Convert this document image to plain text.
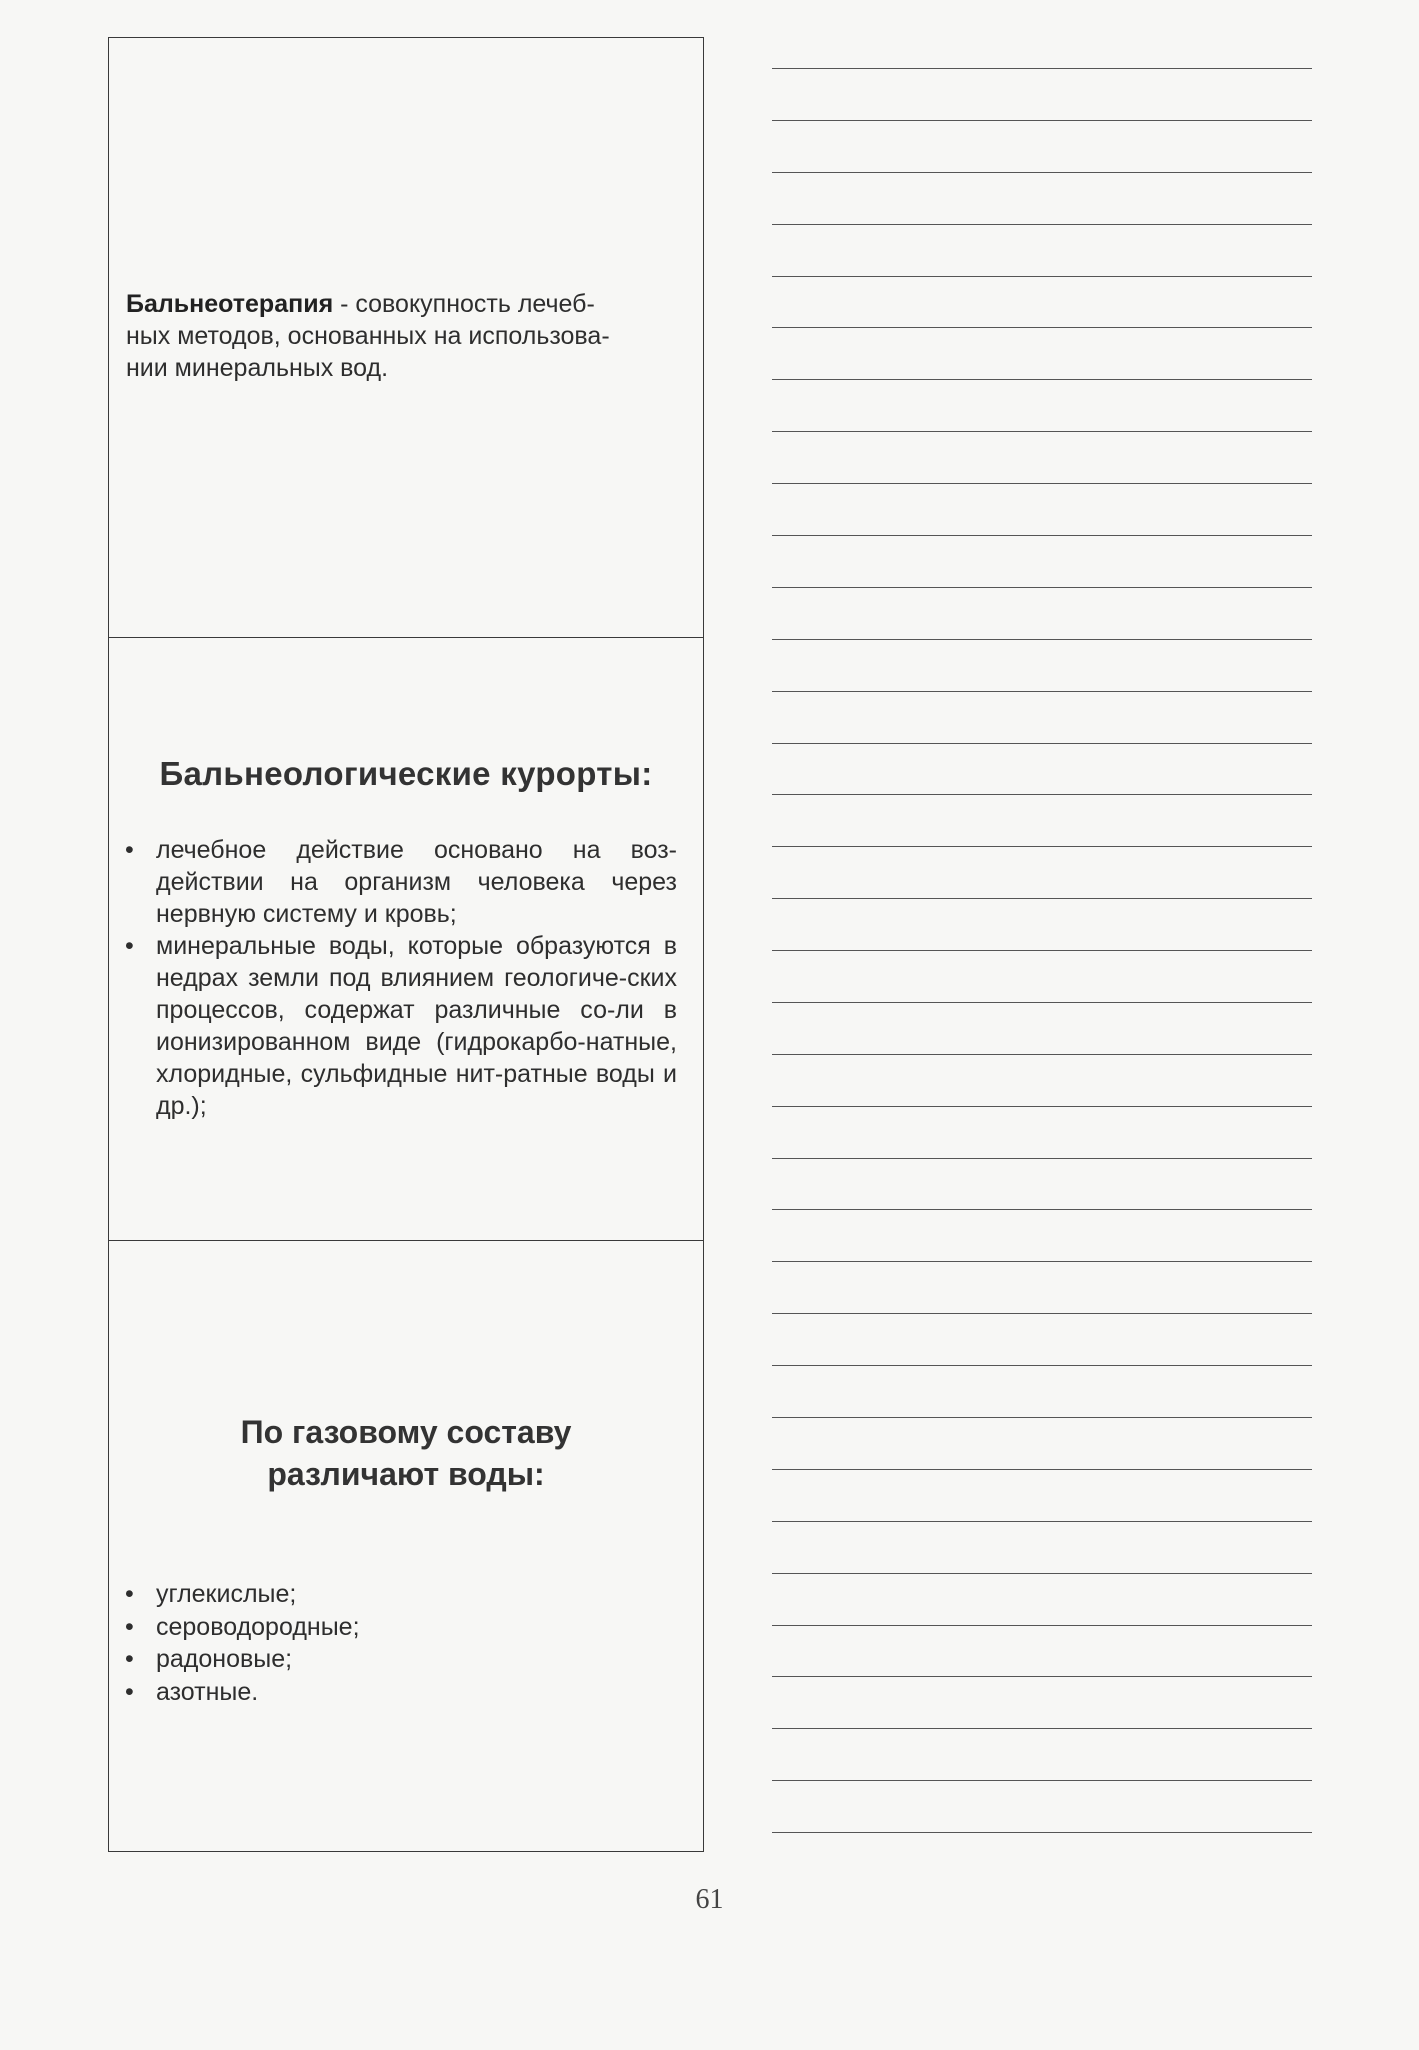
Бальнеотерапия - совокупность лечеб-
ных методов, основанных на использова-
нии минеральных вод.
Бальнеологические курорты:
• лечебное действие основано на воз-действии на организм человека через нервную систему и кровь;
• минеральные воды, которые образуются в недрах земли под влиянием геологиче-ских процессов, содержат различные со-ли в ионизированном виде (гидрокарбо-натные, хлоридные, сульфидные нит-ратные воды и др.);
По газовому составу
различают воды:
• углекислые;
• сероводородные;
• радоновые;
• азотные.
61
